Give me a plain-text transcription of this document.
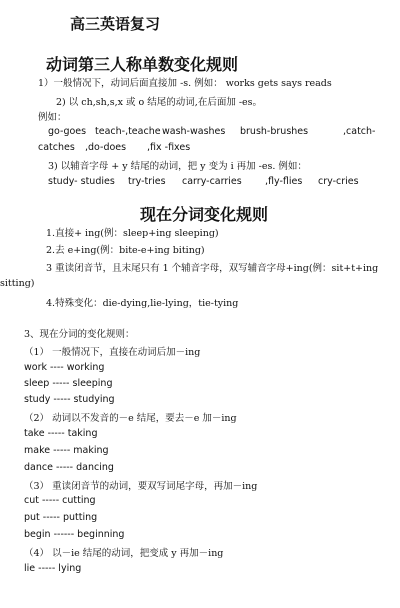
高三英语复习
动词第三人称单数变化规则
1）一般情况下，动词后面直接加 -s. 例如： works gets says reads
2) 以 ch,sh,s,x 或 o 结尾的动词,在后面加 -es。
例如：
go-goes teach-,teache wash-washes brush-brushes	,catch-
catches ,do-does ,fix -fixes
3) 以辅音字母 + y 结尾的动词，把 y 变为 i 再加 -es. 例如：
study- studies try-tries carry-carries ,fly-flies cry-cries
现在分词变化规则
1.直接+ ing(例：sleep+ing sleeping)
2.去 e+ing(例：bite-e+ing biting)
3 重读闭音节，且末尾只有 1 个辅音字母，双写辅音字母+ing(例：sit+t+ing
sitting)
4.特殊变化：die-dying,lie-lying，tie-tying
3、现在分词的变化规则：
（1） 一般情况下，直接在动词后加－ing
work ---- working
sleep ----- sleeping
study ----- studying
（2） 动词以不发音的－e 结尾，要去－e 加－ing
take ----- taking
make ----- making
dance ----- dancing
（3） 重读闭音节的动词，要双写词尾字母，再加－ing
cut ----- cutting
put ----- putting
begin ------ beginning
（4） 以－ie 结尾的动词，把变成 y 再加－ing
lie ----- lying
